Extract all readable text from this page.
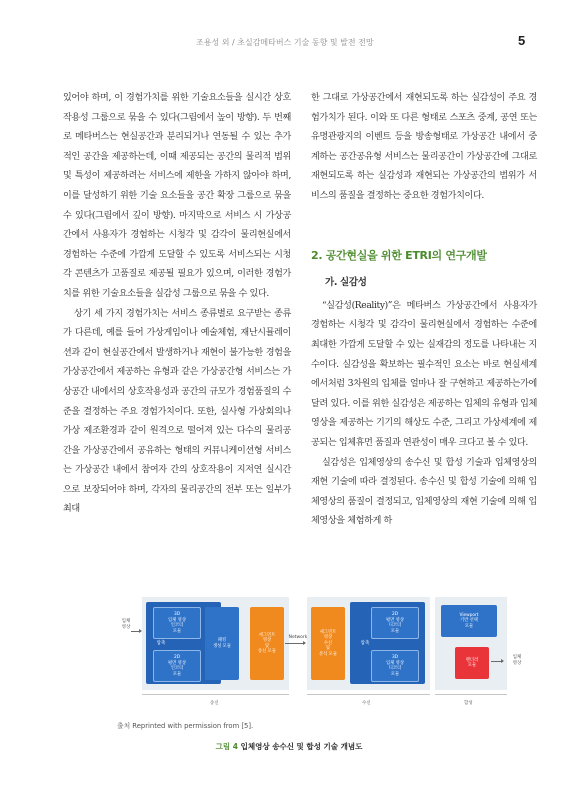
조용성 외 / 초실감메타버스 기술 동향 및 발전 전망	5

있어야 하며, 이 경험가치를 위한 기술요소들을 실시간 상호작용성 그룹으로 묶을 수 있다(그림에서 높이 방향). 두 번째로 메타버스는 현실공간과 분리되거나 연동될 수 있는 추가적인 공간을 제공하는데, 이때 제공되는 공간의 물리적 범위 및 특성이 제공하려는 서비스에 제한을 가하지 않아야 하며, 이를 달성하기 위한 기술 요소들을 공간 확장 그룹으로 묶을 수 있다(그림에서 깊이 방향). 마지막으로 서비스 시 가상공간에서 사용자가 경험하는 시청각 및 감각이 물리현실에서 경험하는 수준에 가깝게 도달할 수 있도록 서비스되는 시청각 콘텐츠가 고품질로 제공될 필요가 있으며, 이러한 경험가치를 위한 기술요소들을 실감성 그룹으로 묶을 수 있다.

상기 세 가지 경험가치는 서비스 종류별로 요구받는 종류가 다른데, 예를 들어 가상게임이나 예술체험, 재난시뮬레이션과 같이 현실공간에서 발생하거나 재현이 불가능한 경험을 가상공간에서 제공하는 유형과 같은 가상공간형 서비스는 가상공간 내에서의 상호작용성과 공간의 규모가 경험품질의 수준을 결정하는 주요 경험가치이다. 또한, 실사형 가상회의나 가상 제조환경과 같이 원격으로 떨어져 있는 다수의 물리공간을 가상공간에서 공유하는 형태의 커뮤니케이션형 서비스는 가상공간 내에서 참여자 간의 상호작용이 지저연 실시간으로 보장되어야 하며, 각자의 물리공간의 전부 또는 일부가 최대

한 그대로 가상공간에서 재현되도록 하는 실감성이 주요 경험가치가 된다. 이와 또 다른 형태로 스포츠 중계, 공연 또는 유명관광지의 이벤트 등을 방송형태로 가상공간 내에서 중계하는 공간공유형 서비스는 물리공간이 가상공간에 그대로 재현되도록 하는 실감성과 재현되는 가상공간의 범위가 서비스의 품질을 결정하는 중요한 경험가치이다.

2. 공간현실을 위한 ETRI의 연구개발
가. 실감성

“실감성(Reality)”은 메타버스 가상공간에서 사용자가 경험하는 시청각 및 감각이 물리현실에서 경험하는 수준에 최대한 가깝게 도달할 수 있는 실재감의 정도를 나타내는 지수이다. 실감성을 확보하는 필수적인 요소는 바로 현실세계에서처럼 3차원의 입체를 얼마나 잘 구현하고 제공하는가에 달려 있다. 이를 위한 실감성은 제공하는 입체의 유형과 입체영상을 제공하는 기기의 해상도 수준, 그리고 가상세계에 제공되는 입체휴먼 품질과 연관성이 매우 크다고 볼 수 있다.

실감성은 입체영상의 송수신 및 합성 기술과 입체영상의 재현 기술에 따라 결정된다. 송수신 및 합성 기술에 의해 입체영상의 품질이 결정되고, 입체영상의 재현 기술에 의해 입체영상을 체험하게 하

입체
영상
3D
입체 영상
인코더
모듈
압축
2D
평면 영상
인코더
모듈
패킹
생성 모듈
세그먼트
영상
및
송신 모듈
Network
세그먼트
영상
수신
및
분석 모듈
2D
평면 영상
디코더
모듈
압축
3D
입체 영상
디코더
모듈
Viewport
기반 선택
모듈
렌더러
모듈
입체
영상
송신	수신	합성
출처 Reprinted with permission from [5].
그림 4 입체영상 송수신 및 합성 기술 개념도
